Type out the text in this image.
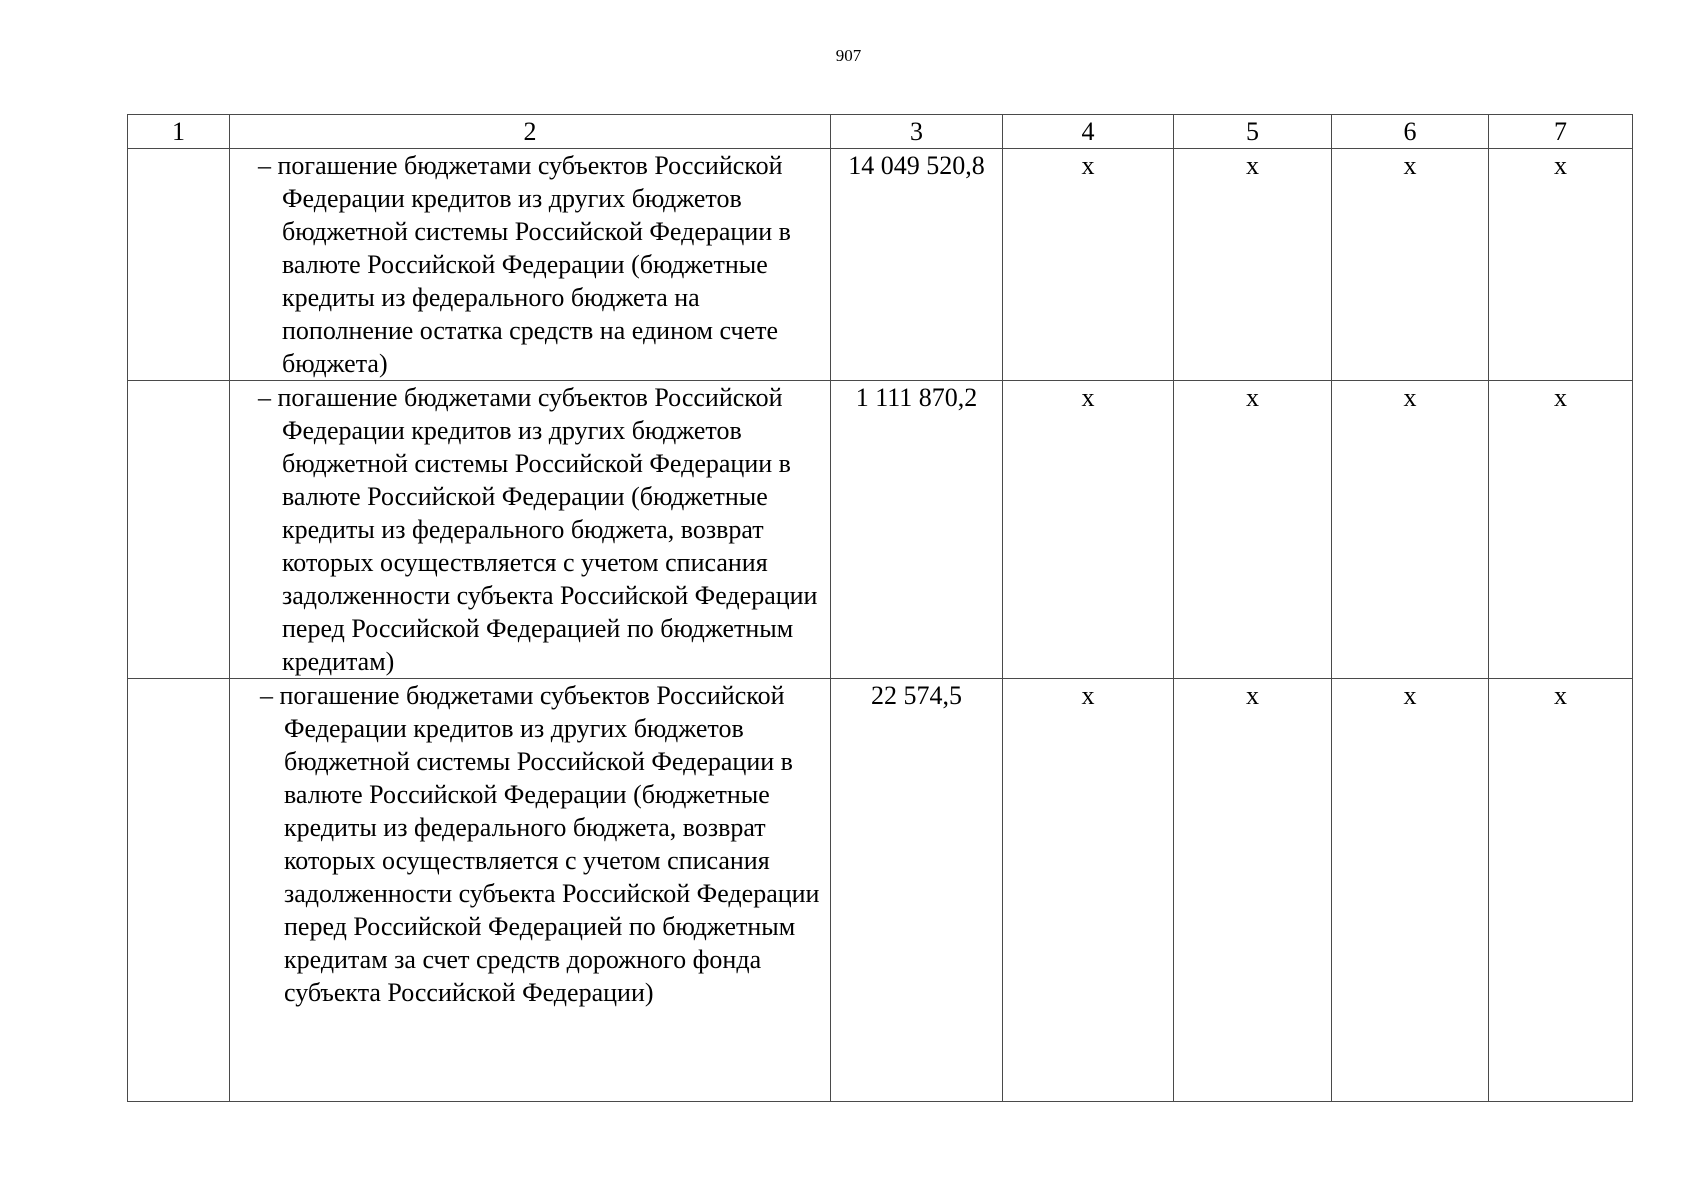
907
1	2	3	4	5	6	7

	– погашение бюджетами субъектов Российской Федерации кредитов из других бюджетов бюджетной системы Российской Федерации в валюте Российской Федерации (бюджетные кредиты из федерального бюджета на пополнение остатка средств на едином счете бюджета)	14 049 520,8	х	х	х	х

	– погашение бюджетами субъектов Российской Федерации кредитов из других бюджетов бюджетной системы Российской Федерации в валюте Российской Федерации (бюджетные кредиты из федерального бюджета, возврат которых осуществляется с учетом списания задолженности субъекта Российской Федерации перед Российской Федерацией по бюджетным кредитам)	1 111 870,2	х	х	х	х

	– погашение бюджетами субъектов Российской Федерации кредитов из других бюджетов бюджетной системы Российской Федерации в валюте Российской Федерации (бюджетные кредиты из федерального бюджета, возврат которых осуществляется с учетом списания задолженности субъекта Российской Федерации перед Российской Федерацией по бюджетным кредитам за счет средств дорожного фонда субъекта Российской Федерации)	22 574,5	х	х	х	х
